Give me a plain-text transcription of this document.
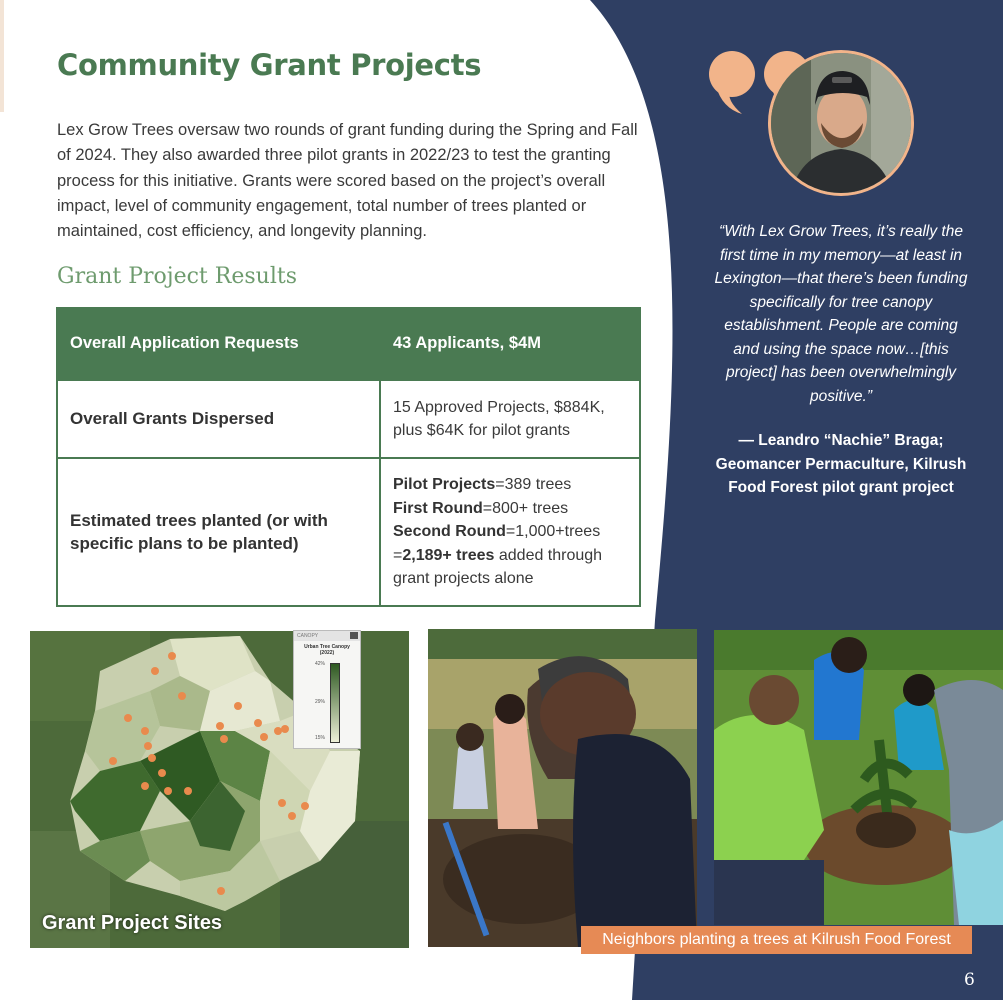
Community Grant Projects

Lex Grow Trees oversaw two rounds of grant funding during the Spring and Fall of 2024. They also awarded three pilot grants in 2022/23 to test the granting process for this initiative. Grants were scored based on the project’s overall impact, level of community engagement, total number of trees planted or maintained, cost efficiency, and longevity planning.

Grant Project Results
Overall Application Requests	43 Applicants, $4M
Overall Grants Dispersed	15 Approved Projects, $884K, plus $64K for pilot grants
Estimated trees planted (or with specific plans to be planted)	Pilot Projects=389 trees
First Round=800+ trees
Second Round=1,000+trees
=2,189+ trees added through grant projects alone

“With Lex Grow Trees, it’s really the first time in my memory—at least in Lexington—that there’s been funding specifically for tree canopy establishment. People are coming and using the space now…[this project] has been overwhelmingly positive.”

— Leandro “Nachie” Braga; Geomancer Permaculture, Kilrush Food Forest pilot grant project

CANOPY
Urban Tree Canopy (2022)
42%
29%
15%
Grant Project Sites
Neighbors planting a trees at Kilrush Food Forest
6
